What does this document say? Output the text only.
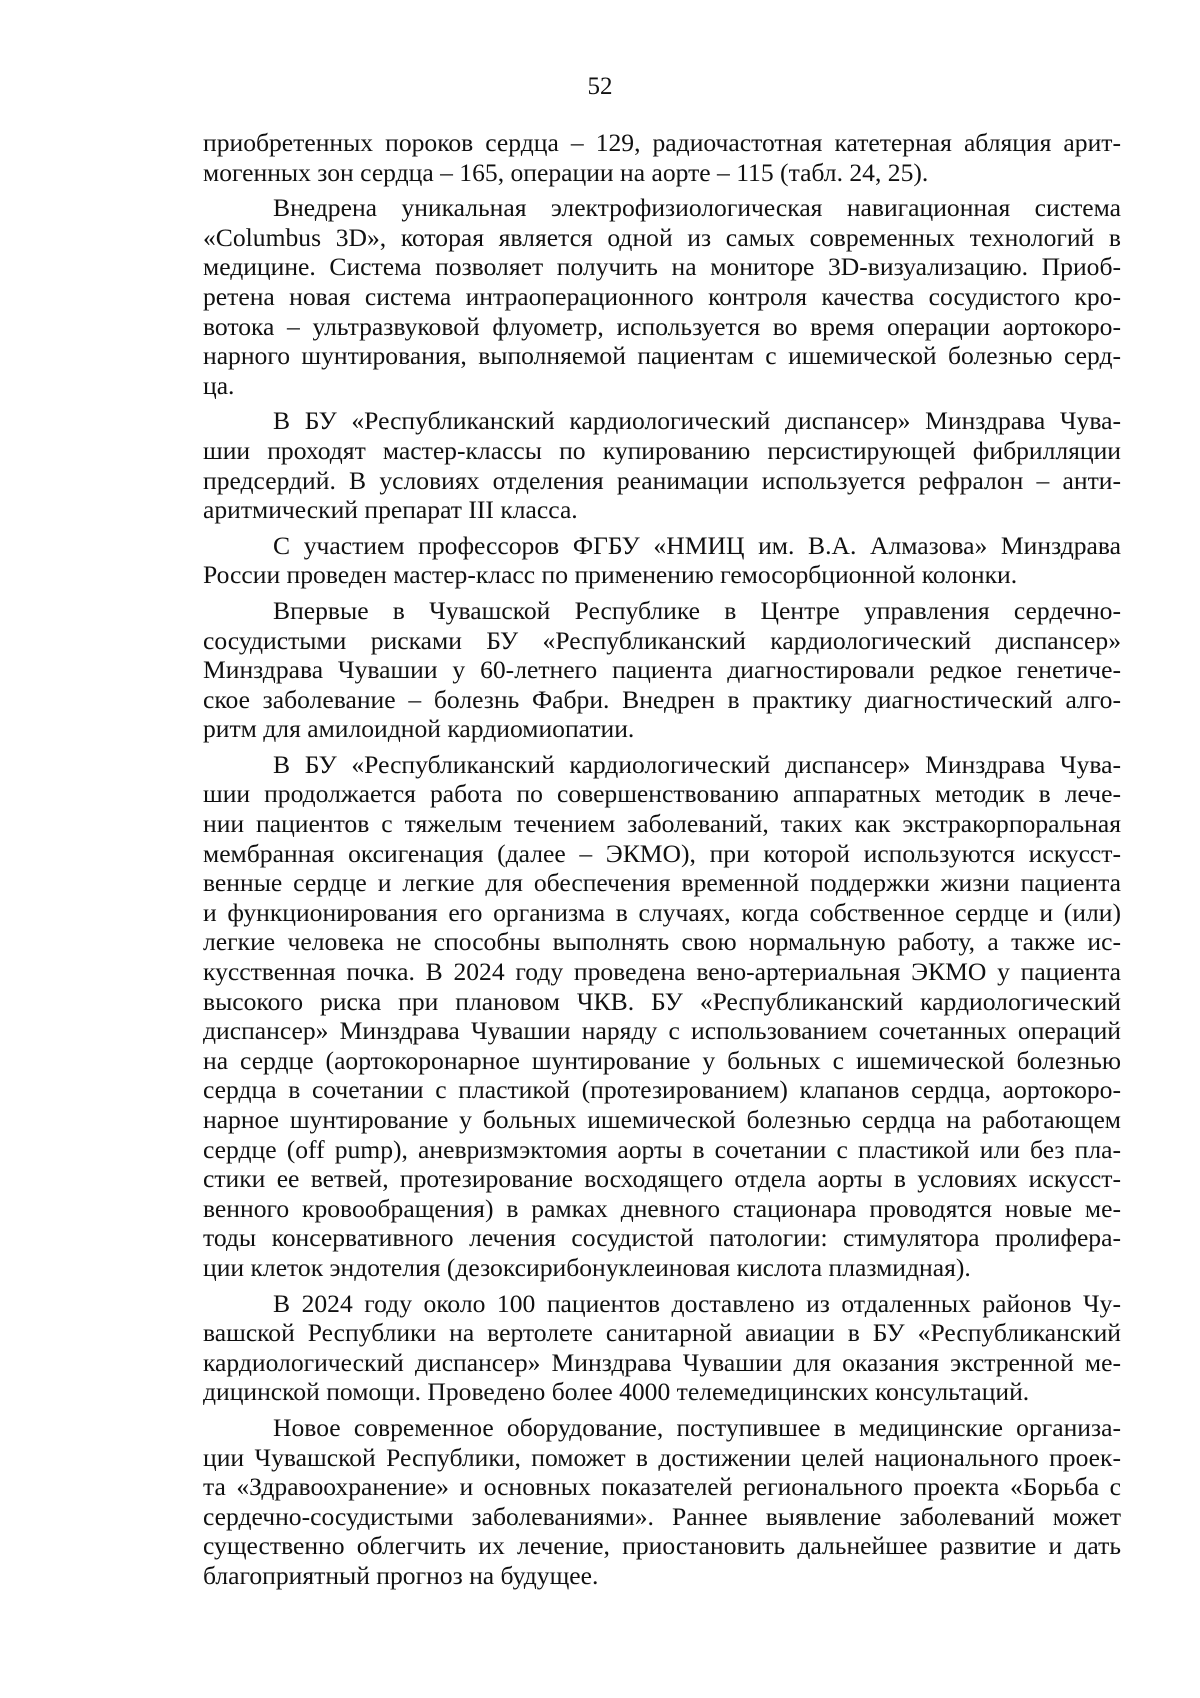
52
приобретенных пороков сердца – 129, радиочастотная катетерная абляция арит-
могенных зон сердца – 165, операции на аорте – 115 (табл. 24, 25).
Внедрена уникальная электрофизиологическая навигационная система
«Columbus 3D», которая является одной из самых современных технологий в
медицине. Система позволяет получить на мониторе 3D-визуализацию. Приоб-
ретена новая система интраоперационного контроля качества сосудистого кро-
вотока – ультразвуковой флуометр, используется во время операции аортокоро-
нарного шунтирования, выполняемой пациентам с ишемической болезнью серд-
ца.
В БУ «Республиканский кардиологический диспансер» Минздрава Чува-
шии проходят мастер-классы по купированию персистирующей фибрилляции
предсердий. В условиях отделения реанимации используется рефралон – анти-
аритмический препарат III класса.
С участием профессоров ФГБУ «НМИЦ им. В.А. Алмазова» Минздрава
России проведен мастер-класс по применению гемосорбционной колонки.
Впервые в Чувашской Республике в Центре управления сердечно-
сосудистыми рисками БУ «Республиканский кардиологический диспансер»
Минздрава Чувашии у 60-летнего пациента диагностировали редкое генетиче-
ское заболевание – болезнь Фабри. Внедрен в практику диагностический алго-
ритм для амилоидной кардиомиопатии.
В БУ «Республиканский кардиологический диспансер» Минздрава Чува-
шии продолжается работа по совершенствованию аппаратных методик в лече-
нии пациентов с тяжелым течением заболеваний, таких как экстракорпоральная
мембранная оксигенация (далее – ЭКМО), при которой используются искусст-
венные сердце и легкие для обеспечения временной поддержки жизни пациента
и функционирования его организма в случаях, когда собственное сердце и (или)
легкие человека не способны выполнять свою нормальную работу, а также ис-
кусственная почка. В 2024 году проведена вено-артериальная ЭКМО у пациента
высокого риска при плановом ЧКВ. БУ «Республиканский кардиологический
диспансер» Минздрава Чувашии наряду с использованием сочетанных операций
на сердце (аортокоронарное шунтирование у больных с ишемической болезнью
сердца в сочетании с пластикой (протезированием) клапанов сердца, аортокоро-
нарное шунтирование у больных ишемической болезнью сердца на работающем
сердце (off pump), аневризмэктомия аорты в сочетании с пластикой или без пла-
стики ее ветвей, протезирование восходящего отдела аорты в условиях искусст-
венного кровообращения) в рамках дневного стационара проводятся новые ме-
тоды консервативного лечения сосудистой патологии: стимулятора пролифера-
ции клеток эндотелия (дезоксирибонуклеиновая кислота плазмидная).
В 2024 году около 100 пациентов доставлено из отдаленных районов Чу-
вашской Республики на вертолете санитарной авиации в БУ «Республиканский
кардиологический диспансер» Минздрава Чувашии для оказания экстренной ме-
дицинской помощи. Проведено более 4000 телемедицинских консультаций.
Новое современное оборудование, поступившее в медицинские организа-
ции Чувашской Республики, поможет в достижении целей национального проек-
та «Здравоохранение» и основных показателей регионального проекта «Борьба с
сердечно-сосудистыми заболеваниями». Раннее выявление заболеваний может
существенно облегчить их лечение, приостановить дальнейшее развитие и дать
благоприятный прогноз на будущее.
